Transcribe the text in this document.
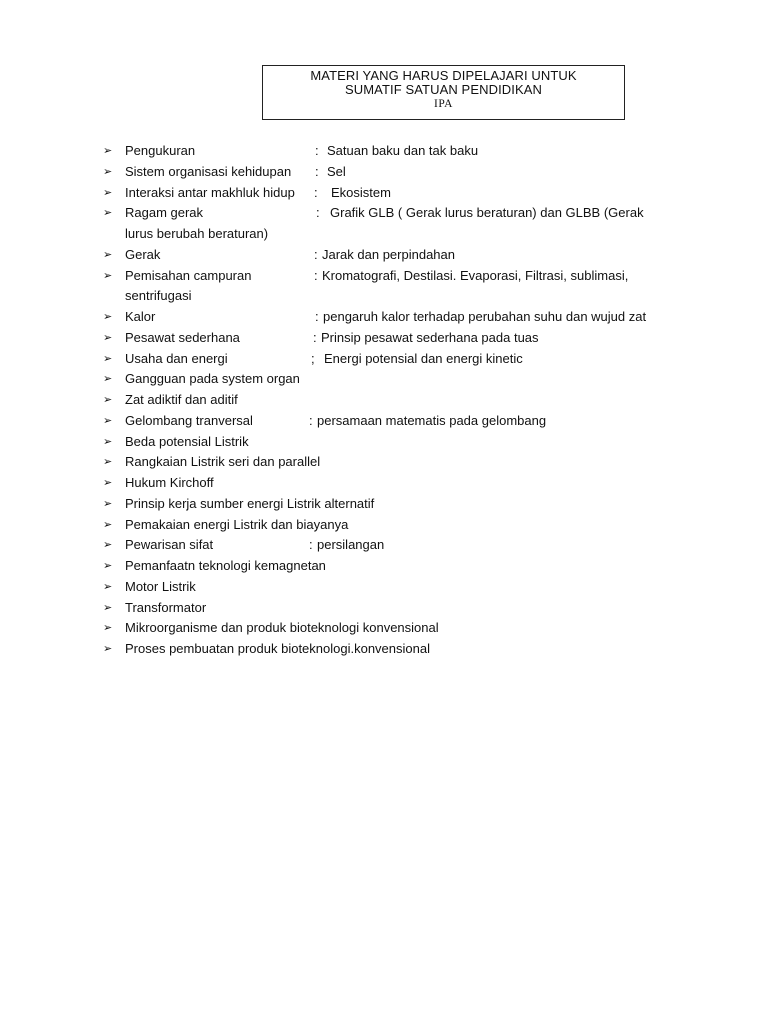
MATERI YANG HARUS DIPELAJARI UNTUK
SUMATIF SATUAN PENDIDIKAN
IPA
➢ Pengukuran	: Satuan baku dan tak baku
➢ Sistem organisasi kehidupan : Sel
➢ Interaksi antar makhluk hidup : Ekosistem
➢ Ragam gerak	: Grafik GLB ( Gerak lurus beraturan) dan GLBB (Gerak
lurus berubah beraturan)
➢ Gerak	: Jarak dan perpindahan
➢ Pemisahan campuran	: Kromatografi, Destilasi. Evaporasi, Filtrasi, sublimasi,
sentrifugasi
➢ Kalor	: pengaruh kalor terhadap perubahan suhu dan wujud zat
➢ Pesawat sederhana	: Prinsip pesawat sederhana pada tuas
➢ Usaha dan energi	; Energi potensial dan energi kinetic
➢ Gangguan pada system organ
➢ Zat adiktif dan aditif
➢ Gelombang tranversal	: persamaan matematis pada gelombang
➢ Beda potensial Listrik
➢ Rangkaian Listrik seri dan parallel
➢ Hukum Kirchoff
➢ Prinsip kerja sumber energi Listrik alternatif
➢ Pemakaian energi Listrik dan biayanya
➢ Pewarisan sifat	: persilangan
➢ Pemanfaatn teknologi kemagnetan
➢ Motor Listrik
➢ Transformator
➢ Mikroorganisme dan produk bioteknologi konvensional
➢ Proses pembuatan produk bioteknologi.konvensional
